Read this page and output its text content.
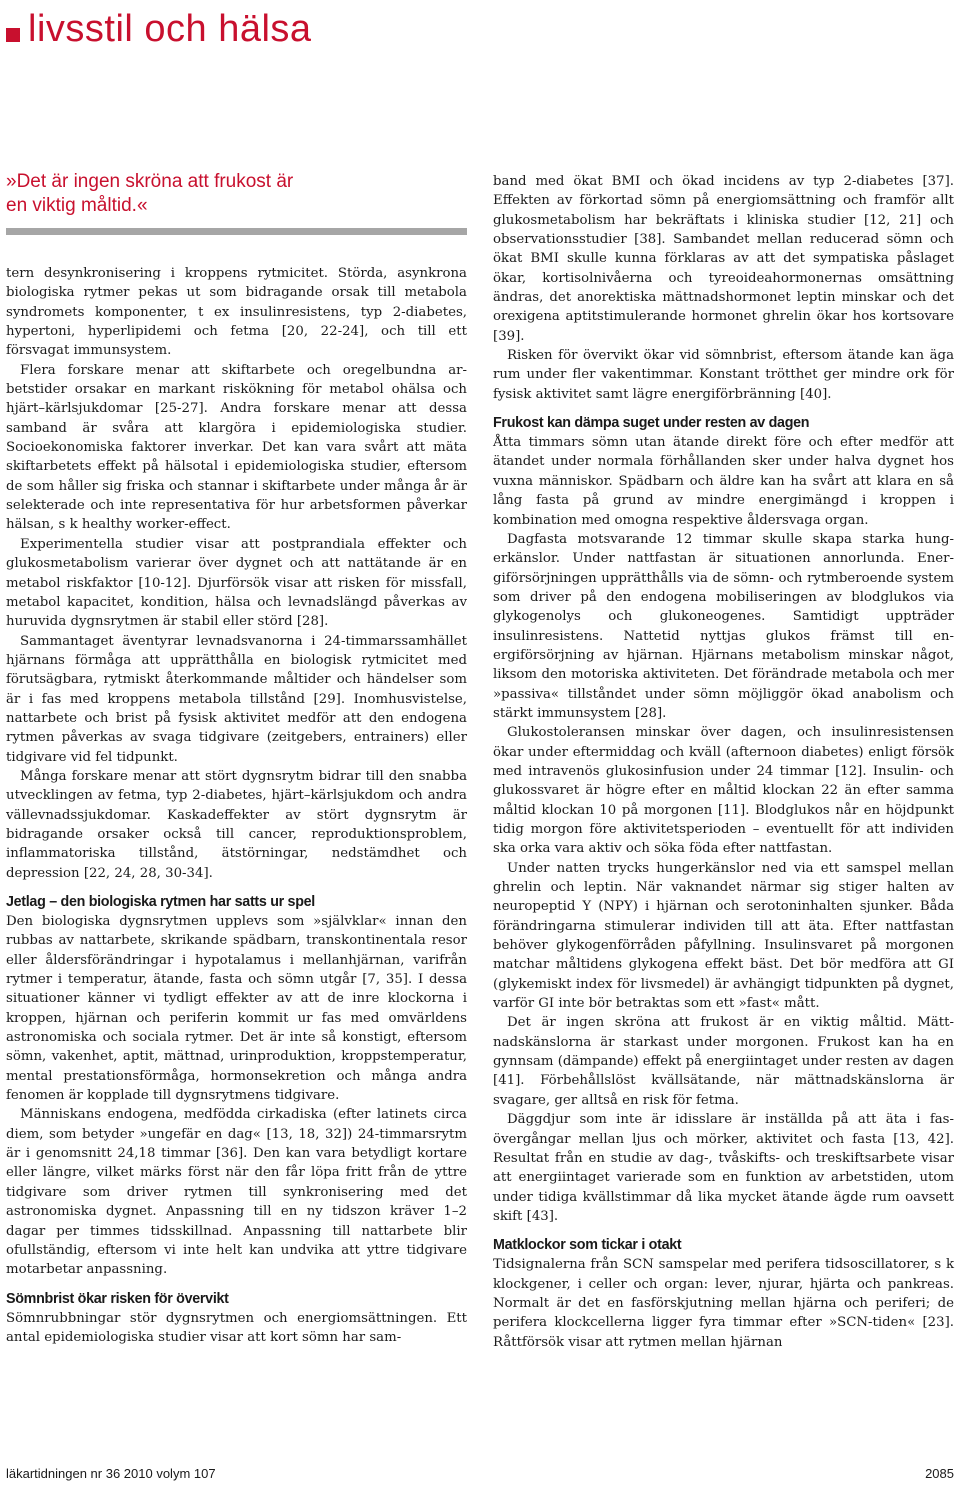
livsstil och hälsa
»Det är ingen skröna att frukost är
en viktig måltid.«

tern desynkronisering i kroppens rytmicitet. Störda, asynkrona biologiska rytmer pekas ut som bidragande orsak till metabola syndromets komponenter, t ex insulinresistens, typ 2-diabetes, hypertoni, hyperlipidemi och fetma [20, 22-24], och till ett försvagat immunsystem.

Flera forskare menar att skiftarbete och oregelbundna arbetstider orsakar en markant riskökning för metabol ohälsa och hjärt–kärlsjukdomar [25-27]. Andra forskare menar att dessa samband är svåra att klargöra i epidemiologiska studier. Socioekonomiska faktorer inverkar. Det kan vara svårt att mäta skiftarbetets effekt på hälsotal i epidemiologiska studier, eftersom de som håller sig friska och stannar i skiftarbete under många år är selekterade och inte representativa för hur arbetsformen påverkar hälsan, s k healthy worker-effect.

Experimentella studier visar att postprandiala effekter och glukosmetabolism varierar över dygnet och att nattätande är en metabol riskfaktor [10-12]. Djurförsök visar att risken för missfall, metabol kapacitet, kondition, hälsa och levnadslängd påverkas av huruvida dygnsrytmen är stabil eller störd [28].

Sammantaget äventyrar levnadsvanorna i 24-timmarssamhället hjärnans förmåga att upprätthålla en biologisk rytmicitet med förutsägbara, rytmiskt återkommande måltider och händelser som är i fas med kroppens metabola tillstånd [29]. Inomhusvistelse, nattarbete och brist på fysisk aktivitet medför att den endogena rytmen påverkas av svaga tidgivare (zeitgebers, entrainers) eller tidgivare vid fel tidpunkt.

Många forskare menar att stört dygnsrytm bidrar till den snabba utvecklingen av fetma, typ 2-diabetes, hjärt–kärlsjukdom och andra vällevnadssjukdomar. Kaskadeffekter av stört dygnsrytm är bidragande orsaker också till cancer, reproduktionsproblem, inflammatoriska tillstånd, ätstörningar, nedstämdhet och depression [22, 24, 28, 30-34].

Jetlag – den biologiska rytmen har satts ur spel

Den biologiska dygnsrytmen upplevs som »självklar« innan den rubbas av nattarbete, skrikande spädbarn, transkontinentala resor eller åldersförändringar i hypotalamus i mellanhjärnan, varifrån rytmer i temperatur, ätande, fasta och sömn utgår [7, 35]. I dessa situationer känner vi tydligt effekter av att de inre klockorna i kroppen, hjärnan och periferin kommit ur fas med omvärldens astronomiska och sociala rytmer. Det är inte så konstigt, eftersom sömn, vakenhet, aptit, mättnad, urinproduktion, kroppstemperatur, mental prestationsförmåga, hormonsekretion och många andra fenomen är kopplade till dygnsrytmens tidgivare.

Människans endogena, medfödda cirkadiska (efter latinets circa diem, som betyder »ungefär en dag« [13, 18, 32]) 24-timmarsrytm är i genomsnitt 24,18 timmar [36]. Den kan vara betydligt kortare eller längre, vilket märks först när den får löpa fritt från de yttre tidgivare som driver rytmen till synkronisering med det astronomiska dygnet. Anpassning till en ny tidszon kräver 1–2 dagar per timmes tidsskillnad. Anpassning till nattarbete blir ofullständig, eftersom vi inte helt kan undvika att yttre tidgivare motarbetar anpassning.

Sömnbrist ökar risken för övervikt

Sömnrubbningar stör dygnsrytmen och energiomsättningen. Ett antal epidemiologiska studier visar att kort sömn har sam-

band med ökat BMI och ökad incidens av typ 2-diabetes [37]. Effekten av förkortad sömn på energiomsättning och framför allt glukosmetabolism har bekräftats i kliniska studier [12, 21] och observationsstudier [38]. Sambandet mellan reducerad sömn och ökat BMI skulle kunna förklaras av att det sympatiska påslaget ökar, kortisolnivåerna och tyreoideahormonernas omsättning ändras, det anorektiska mättnadshormonet leptin minskar och det orexigena aptitstimulerande hormonet ghrelin ökar hos kortsovare [39].

Risken för övervikt ökar vid sömnbrist, eftersom ätande kan äga rum under fler vakentimmar. Konstant trötthet ger mindre ork för fysisk aktivitet samt lägre energiförbränning [40].

Frukost kan dämpa suget under resten av dagen

Åtta timmars sömn utan ätande direkt före och efter medför att ätandet under normala förhållanden sker under halva dygnet hos vuxna människor. Spädbarn och äldre kan ha svårt att klara en så lång fasta på grund av mindre energimängd i kroppen i kombination med omogna respektive åldersvaga organ.

Dagfasta motsvarande 12 timmar skulle skapa starka hungerkänslor. Under nattfastan är situationen annorlunda. Energiförsörjningen upprätthålls via de sömn- och rytmberoende system som driver på den endogena mobiliseringen av blodglukos via glykogenolys och glukoneogenes. Samtidigt uppträder insulinresistens. Nattetid nyttjas glukos främst till energiförsörjning av hjärnan. Hjärnans metabolism minskar något, liksom den motoriska aktiviteten. Det förändrade metabola och mer »passiva« tillståndet under sömn möjliggör ökad anabolism och stärkt immunsystem [28].

Glukostoleransen minskar över dagen, och insulinresistensen ökar under eftermiddag och kväll (afternoon diabetes) enligt försök med intravenös glukosinfusion under 24 timmar [12]. Insulin- och glukossvaret är högre efter en måltid klockan 22 än efter samma måltid klockan 10 på morgonen [11]. Blodglukos når en höjdpunkt tidig morgon före aktivitetsperioden – eventuellt för att individen ska orka vara aktiv och söka föda efter nattfastan.

Under natten trycks hungerkänslor ned via ett samspel mellan ghrelin och leptin. När vaknandet närmar sig stiger halten av neuropeptid Y (NPY) i hjärnan och serotoninhalten sjunker. Båda förändringarna stimulerar individen till att äta. Efter nattfastan behöver glykogenförråden påfyllning. Insulinsvaret på morgonen matchar måltidens glykogena effekt bäst. Det bör medföra att GI (glykemiskt index för livsmedel) är avhängigt tidpunkten på dygnet, varför GI inte bör betraktas som ett »fast« mått.

Det är ingen skröna att frukost är en viktig måltid. Mättnadskänslorna är starkast under morgonen. Frukost kan ha en gynnsam (dämpande) effekt på energiintaget under resten av dagen [41]. Förbehållslöst kvällsätande, när mättnadskänslorna är svagare, ger alltså en risk för fetma.

Däggdjur som inte är idisslare är inställda på att äta i fasövergångar mellan ljus och mörker, aktivitet och fasta [13, 42]. Resultat från en studie av dag-, tvåskifts- och treskiftsarbete visar att energiintaget varierade som en funktion av arbetstiden, utom under tidiga kvällstimmar då lika mycket ätande ägde rum oavsett skift [43].

Matklockor som tickar i otakt

Tidsignalerna från SCN samspelar med perifera tidsoscillatorer, s k klockgener, i celler och organ: lever, njurar, hjärta och pankreas. Normalt är det en fasförskjutning mellan hjärna och periferi; de perifera klockcellerna ligger fyra timmar efter »SCN-tiden« [23]. Råttförsök visar att rytmen mellan hjärnan

läkartidningen nr 36 2010 volym 107	2085
